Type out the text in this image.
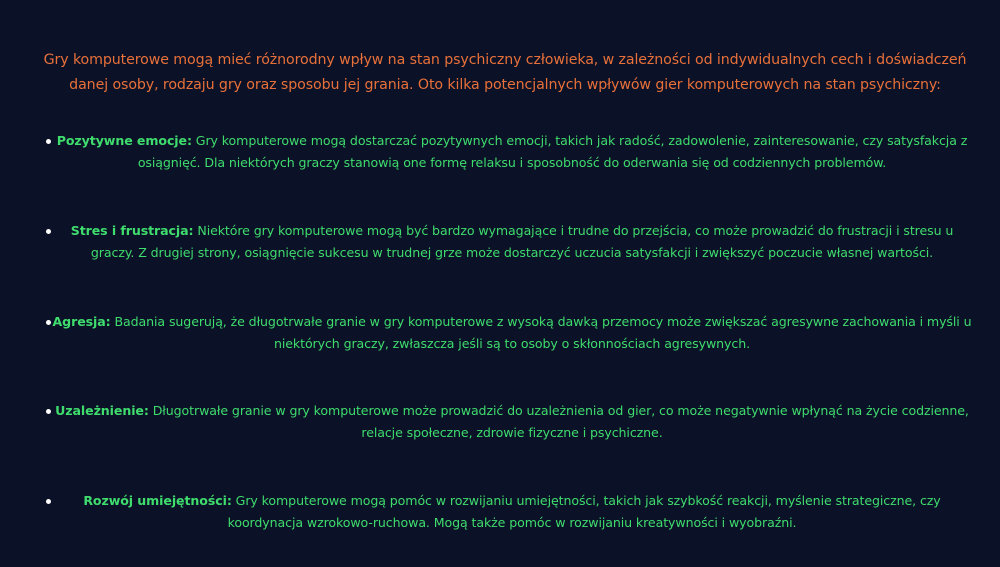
Gry komputerowe mogą mieć różnorodny wpływ na stan psychiczny człowieka, w zależności od indywidualnych cech i doświadczeń danej osoby, rodzaju gry oraz sposobu jej grania. Oto kilka potencjalnych wpływów gier komputerowych na stan psychiczny:

Pozytywne emocje: Gry komputerowe mogą dostarczać pozytywnych emocji, takich jak radość, zadowolenie, zainteresowanie, czy satysfakcja z osiągnięć. Dla niektórych graczy stanowią one formę relaksu i sposobność do oderwania się od codziennych problemów.
Stres i frustracja: Niektóre gry komputerowe mogą być bardzo wymagające i trudne do przejścia, co może prowadzić do frustracji i stresu u graczy. Z drugiej strony, osiągnięcie sukcesu w trudnej grze może dostarczyć uczucia satysfakcji i zwiększyć poczucie własnej wartości.
Agresja: Badania sugerują, że długotrwałe granie w gry komputerowe z wysoką dawką przemocy może zwiększać agresywne zachowania i myśli u niektórych graczy, zwłaszcza jeśli są to osoby o skłonnościach agresywnych.
Uzależnienie: Długotrwałe granie w gry komputerowe może prowadzić do uzależnienia od gier, co może negatywnie wpłynąć na życie codzienne, relacje społeczne, zdrowie fizyczne i psychiczne.
Rozwój umiejętności: Gry komputerowe mogą pomóc w rozwijaniu umiejętności, takich jak szybkość reakcji, myślenie strategiczne, czy koordynacja wzrokowo-ruchowa. Mogą także pomóc w rozwijaniu kreatywności i wyobraźni.
